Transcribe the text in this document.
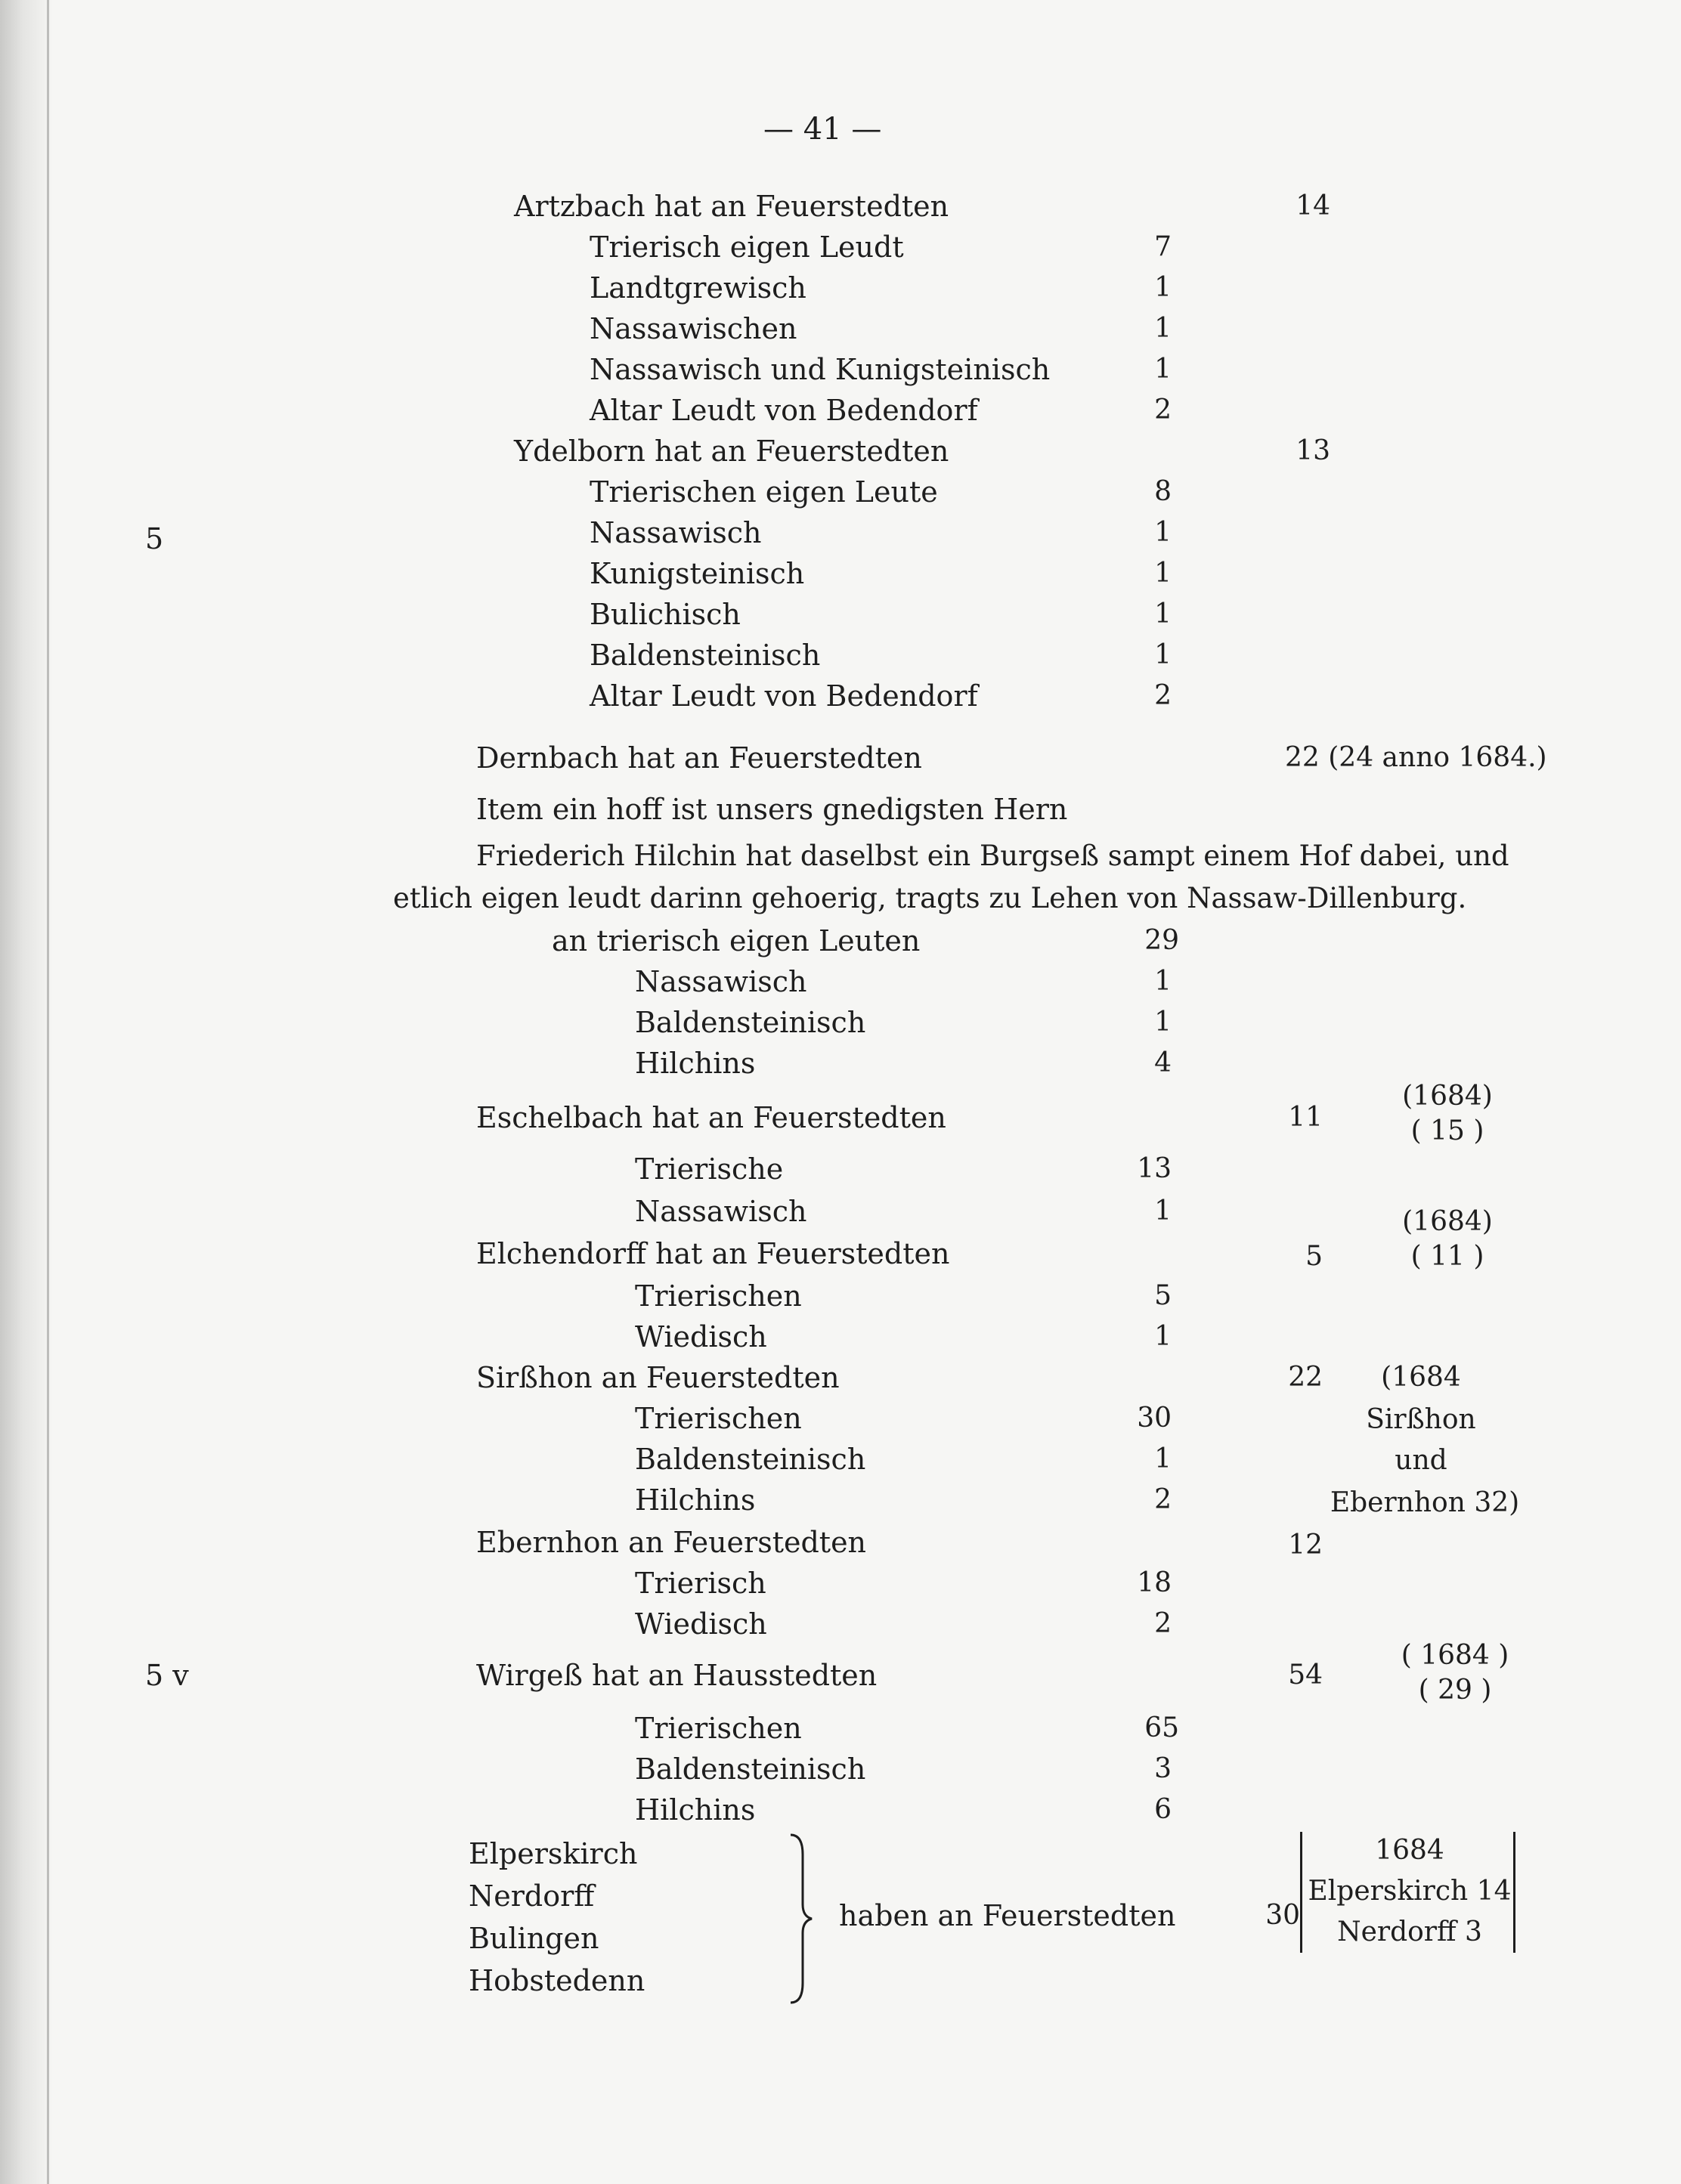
— 41 —
Artzbach hat an Feuerstedten	14
Trierisch eigen Leudt	7
Landtgrewisch	1
Nassawischen	1
Nassawisch und Kunigsteinisch	1
Altar Leudt von Bedendorf	2
Ydelborn hat an Feuerstedten	13
Trierischen eigen Leute	8
5	Nassawisch	1
Kunigsteinisch	1
Bulichisch	1
Baldensteinisch	1
Altar Leudt von Bedendorf	2
Dernbach hat an Feuerstedten	22 (24 anno 1684.)
Item ein hoff ist unsers gnedigsten Hern
Friederich Hilchin hat daselbst ein Burgseß sampt einem Hof dabei, und
etlich eigen leudt darinn gehoerig, tragts zu Lehen von Nassaw-Dillenburg.
an trierisch eigen Leuten	29
Nassawisch	1
Baldensteinisch	1
Hilchins	4
Eschelbach hat an Feuerstedten	11
(1684)
( 15 )
Trierische	13
Nassawisch	1
Elchendorff hat an Feuerstedten	5
(1684)
( 11 )
Trierischen	5
Wiedisch	1
Sirßhon an Feuerstedten	22	(1684
Sirßhon
und
Ebernhon 32)
Trierischen	30
Baldensteinisch	1
Hilchins	2
Ebernhon an Feuerstedten	12
Trierisch	18
Wiedisch	2
5 v	Wirgeß hat an Hausstedten	54
( 1684 )
( 29 )
Trierischen	65
Baldensteinisch	3
Hilchins	6
Elperskirch
Nerdorff
Bulingen
Hobstedenn
haben an Feuerstedten	30
1684
Elperskirch 14
Nerdorff 3
